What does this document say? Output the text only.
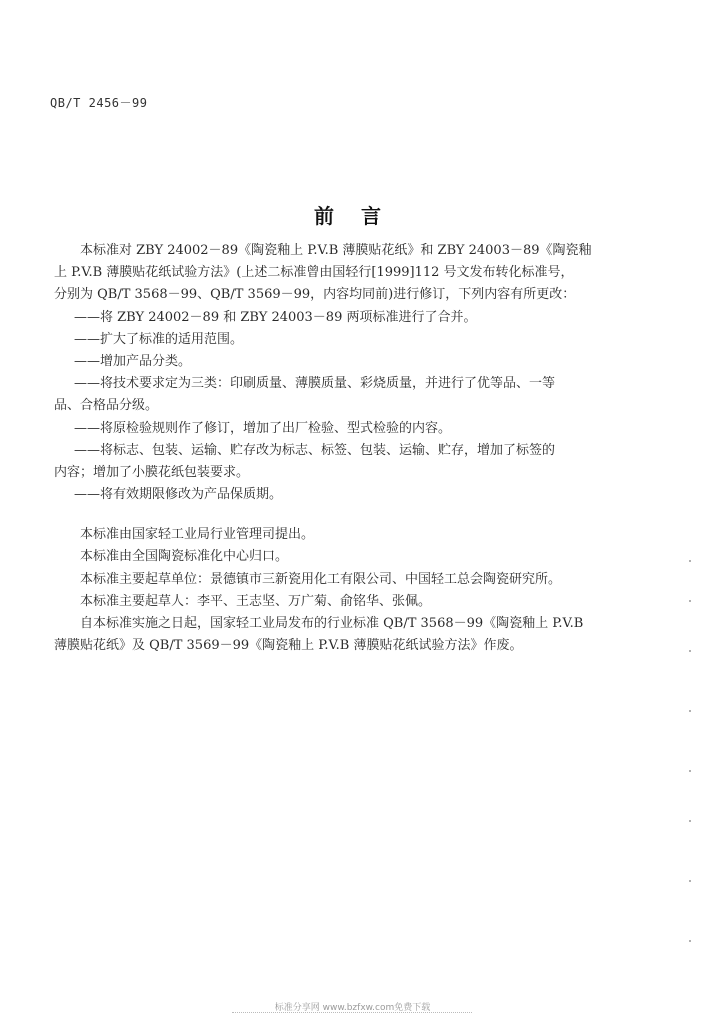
QB/T 2456－99
前 言
本标准对 ZBY 24002－89《陶瓷釉上 P.V.B 薄膜贴花纸》和 ZBY 24003－89《陶瓷釉
上 P.V.B 薄膜贴花纸试验方法》(上述二标准曾由国轻行[1999]112 号文发布转化标准号，
分别为 QB/T 3568－99、QB/T 3569－99，内容均同前)进行修订，下列内容有所更改：
——将 ZBY 24002－89 和 ZBY 24003－89 两项标准进行了合并。
——扩大了标准的适用范围。
——增加产品分类。
——将技术要求定为三类：印刷质量、薄膜质量、彩烧质量，并进行了优等品、一等
品、合格品分级。
——将原检验规则作了修订，增加了出厂检验、型式检验的内容。
——将标志、包装、运输、贮存改为标志、标签、包装、运输、贮存，增加了标签的
内容；增加了小膜花纸包装要求。
——将有效期限修改为产品保质期。
本标准由国家轻工业局行业管理司提出。
本标准由全国陶瓷标准化中心归口。
本标准主要起草单位：景德镇市三新瓷用化工有限公司、中国轻工总会陶瓷研究所。
本标准主要起草人：李平、王志坚、万广菊、俞铭华、张佩。
自本标准实施之日起，国家轻工业局发布的行业标准 QB/T 3568－99《陶瓷釉上 P.V.B
薄膜贴花纸》及 QB/T 3569－99《陶瓷釉上 P.V.B 薄膜贴花纸试验方法》作废。
标准分享网 www.bzfxw.com免费下载
